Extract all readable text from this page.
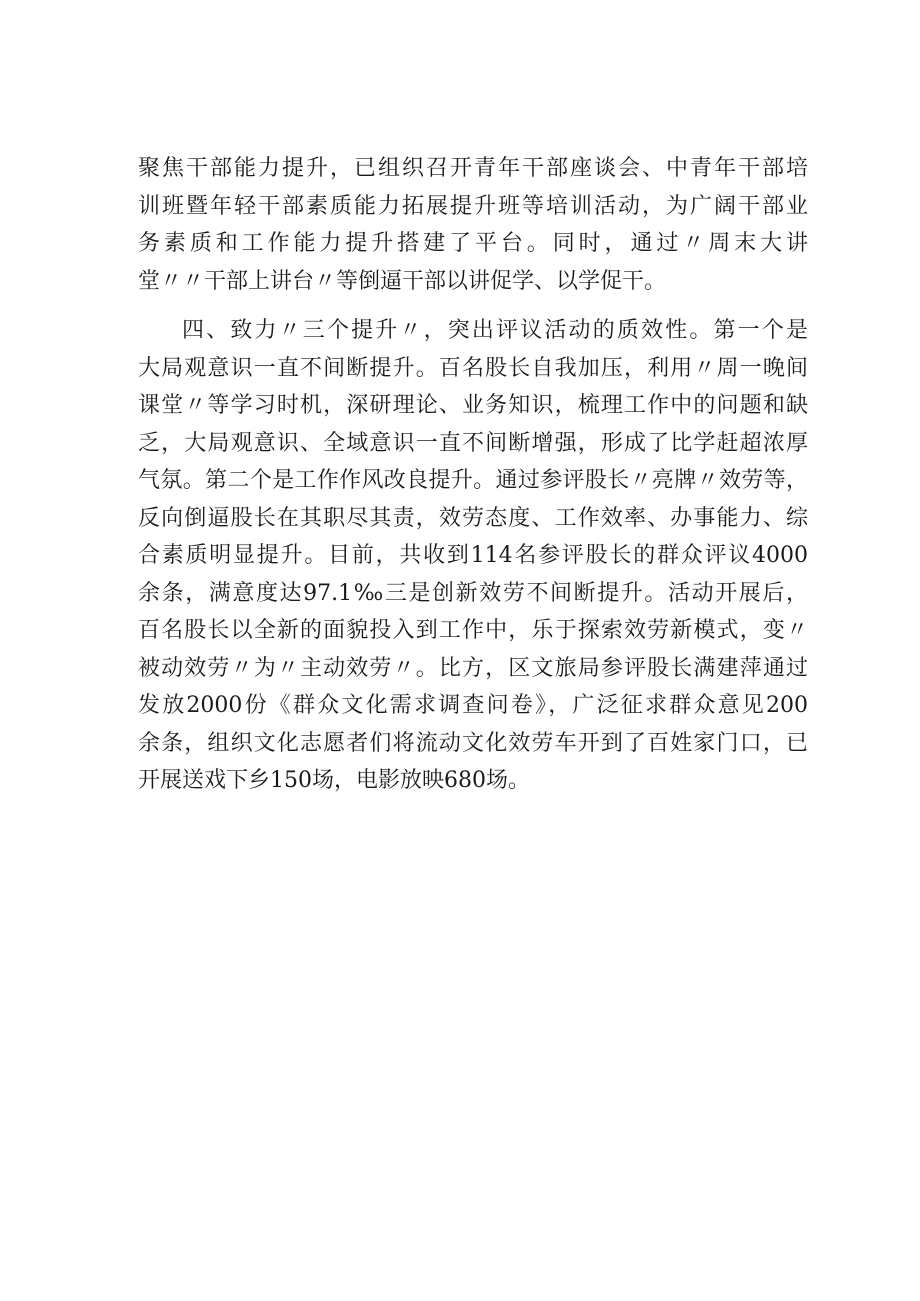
聚焦干部能力提升，已组织召开青年干部座谈会、中青年干部培
训班暨年轻干部素质能力拓展提升班等培训活动，为广阔干部业
务素质和工作能力提升搭建了平台。同时，通过〃周末大讲
堂〃〃干部上讲台〃等倒逼干部以讲促学、以学促干。
四、致力〃三个提升〃，突出评议活动的质效性。第一个是
大局观意识一直不间断提升。百名股长自我加压，利用〃周一晚间
课堂〃等学习时机，深研理论、业务知识，梳理工作中的问题和缺
乏，大局观意识、全域意识一直不间断增强，形成了比学赶超浓厚
气氛。第二个是工作作风改良提升。通过参评股长〃亮牌〃效劳等，
反向倒逼股长在其职尽其责，效劳态度、工作效率、办事能力、综
合素质明显提升。目前，共收到114名参评股长的群众评议4000
余条，满意度达97.1‰三是创新效劳不间断提升。活动开展后，
百名股长以全新的面貌投入到工作中，乐于探索效劳新模式，变〃
被动效劳〃为〃主动效劳〃。比方，区文旅局参评股长满建萍通过
发放2000份《群众文化需求调查问卷》，广泛征求群众意见200
余条，组织文化志愿者们将流动文化效劳车开到了百姓家门口，已
开展送戏下乡150场，电影放映680场。
